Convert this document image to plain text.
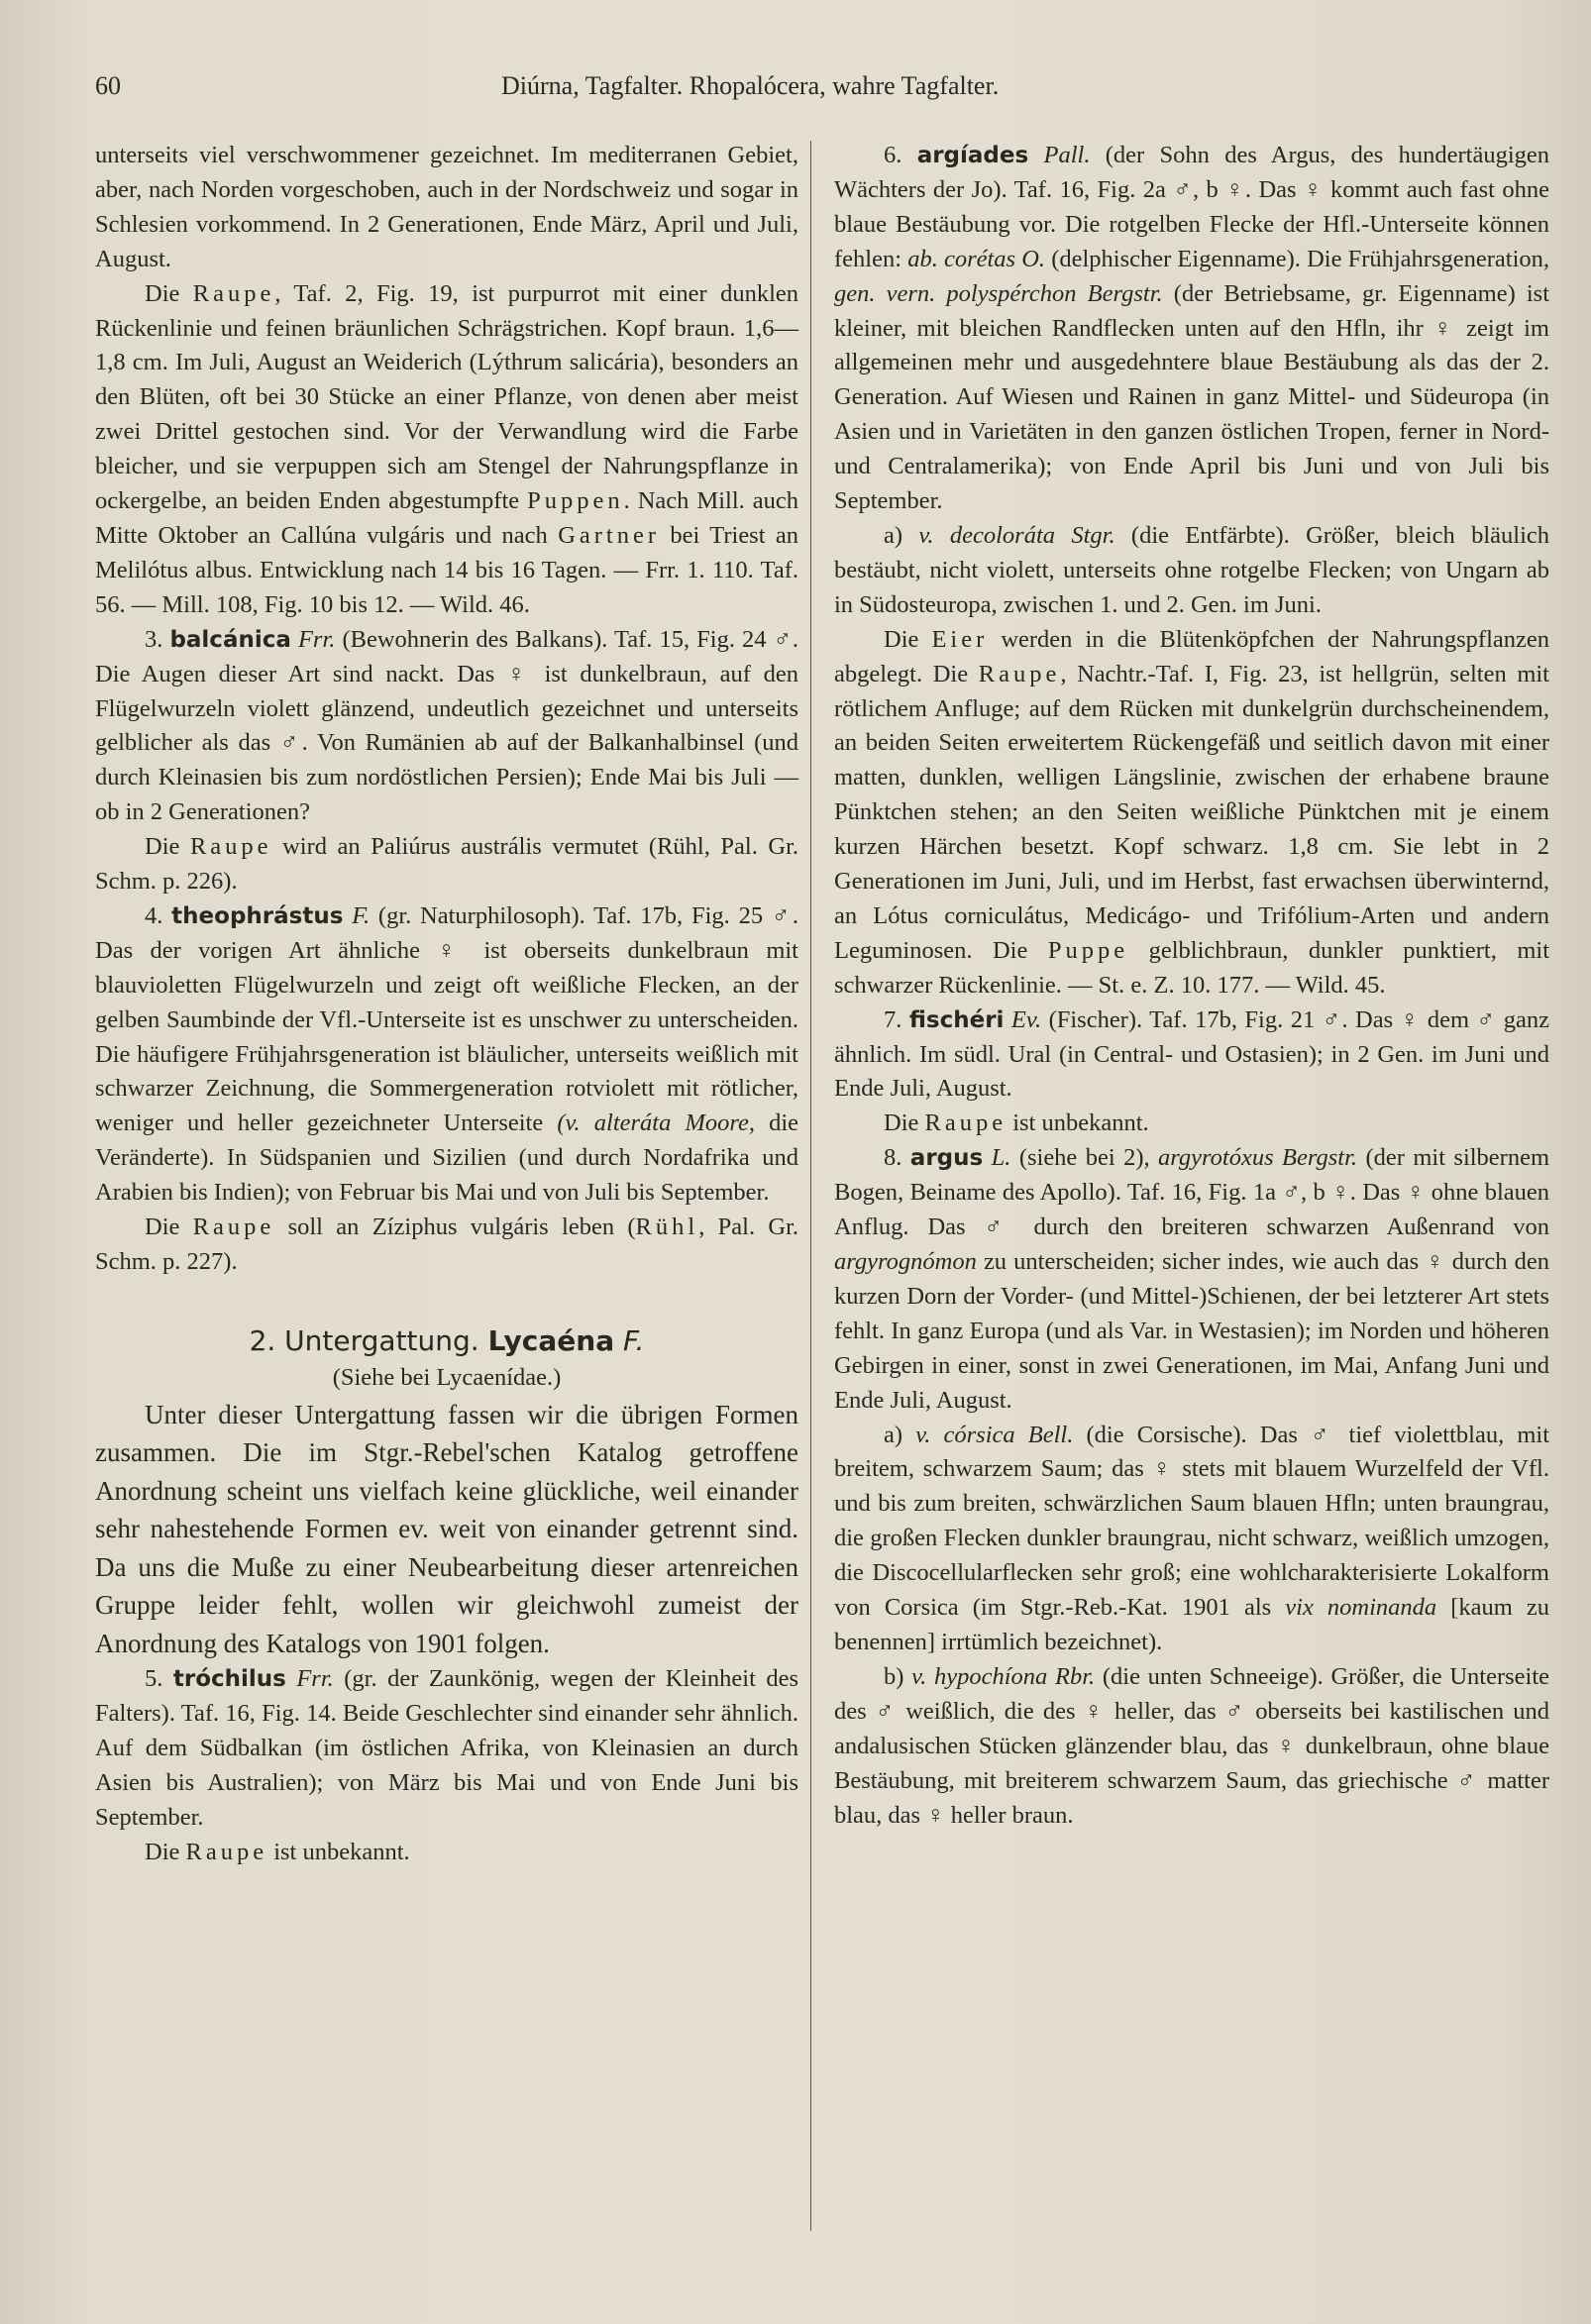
60	Diúrna, Tagfalter. Rhopalócera, wahre Tagfalter.

unterseits viel verschwommener gezeichnet. Im mediterranen Gebiet, aber, nach Norden vorgeschoben, auch in der Nordschweiz und sogar in Schlesien vorkommend. In 2 Generationen, Ende März, April und Juli, August.

Die Raupe, Taf. 2, Fig. 19, ist purpurrot mit einer dunklen Rückenlinie und feinen bräunlichen Schrägstrichen. Kopf braun. 1,6—1,8 cm. Im Juli, August an Weiderich (Lýthrum salicária), besonders an den Blüten, oft bei 30 Stücke an einer Pflanze, von denen aber meist zwei Drittel gestochen sind. Vor der Verwandlung wird die Farbe bleicher, und sie verpuppen sich am Stengel der Nahrungspflanze in ockergelbe, an beiden Enden abgestumpfte Puppen. Nach Mill. auch Mitte Oktober an Callúna vulgáris und nach Gartner bei Triest an Melilótus albus. Entwicklung nach 14 bis 16 Tagen. — Frr. 1. 110. Taf. 56. — Mill. 108, Fig. 10 bis 12. — Wild. 46.

3. balcánica Frr. (Bewohnerin des Balkans). Taf. 15, Fig. 24 ♂. Die Augen dieser Art sind nackt. Das ♀ ist dunkelbraun, auf den Flügelwurzeln violett glänzend, undeutlich gezeichnet und unterseits gelblicher als das ♂. Von Rumänien ab auf der Balkanhalbinsel (und durch Kleinasien bis zum nordöstlichen Persien); Ende Mai bis Juli — ob in 2 Generationen?

Die Raupe wird an Paliúrus austrális vermutet (Rühl, Pal. Gr. Schm. p. 226).

4. theophrástus F. (gr. Naturphilosoph). Taf. 17b, Fig. 25 ♂. Das der vorigen Art ähnliche ♀ ist oberseits dunkelbraun mit blauvioletten Flügelwurzeln und zeigt oft weißliche Flecken, an der gelben Saumbinde der Vfl.-Unterseite ist es unschwer zu unterscheiden. Die häufigere Frühjahrsgeneration ist bläulicher, unterseits weißlich mit schwarzer Zeichnung, die Sommergeneration rotviolett mit rötlicher, weniger und heller gezeichneter Unterseite (v. alteráta Moore, die Veränderte). In Südspanien und Sizilien (und durch Nordafrika und Arabien bis Indien); von Februar bis Mai und von Juli bis September.

Die Raupe soll an Zíziphus vulgáris leben (Rühl, Pal. Gr. Schm. p. 227).

2. Untergattung. Lycaéna F.

(Siehe bei Lycaenídae.)

Unter dieser Untergattung fassen wir die übrigen Formen zusammen. Die im Stgr.-Rebel'schen Katalog getroffene Anordnung scheint uns vielfach keine glückliche, weil einander sehr nahestehende Formen ev. weit von einander getrennt sind. Da uns die Muße zu einer Neubearbeitung dieser artenreichen Gruppe leider fehlt, wollen wir gleichwohl zumeist der Anordnung des Katalogs von 1901 folgen.

5. tróchilus Frr. (gr. der Zaunkönig, wegen der Kleinheit des Falters). Taf. 16, Fig. 14. Beide Geschlechter sind einander sehr ähnlich. Auf dem Südbalkan (im östlichen Afrika, von Kleinasien an durch Asien bis Australien); von März bis Mai und von Ende Juni bis September.

Die Raupe ist unbekannt.

6. argíades Pall. (der Sohn des Argus, des hundertäugigen Wächters der Jo). Taf. 16, Fig. 2a ♂, b ♀. Das ♀ kommt auch fast ohne blaue Bestäubung vor. Die rotgelben Flecke der Hfl.-Unterseite können fehlen: ab. corétas O. (delphischer Eigenname). Die Frühjahrsgeneration, gen. vern. polyspérchon Bergstr. (der Betriebsame, gr. Eigenname) ist kleiner, mit bleichen Randflecken unten auf den Hfln, ihr ♀ zeigt im allgemeinen mehr und ausgedehntere blaue Bestäubung als das der 2. Generation. Auf Wiesen und Rainen in ganz Mittel- und Südeuropa (in Asien und in Varietäten in den ganzen östlichen Tropen, ferner in Nord- und Centralamerika); von Ende April bis Juni und von Juli bis September.

a) v. decoloráta Stgr. (die Entfärbte). Größer, bleich bläulich bestäubt, nicht violett, unterseits ohne rotgelbe Flecken; von Ungarn ab in Südosteuropa, zwischen 1. und 2. Gen. im Juni.

Die Eier werden in die Blütenköpfchen der Nahrungspflanzen abgelegt. Die Raupe, Nachtr.-Taf. I, Fig. 23, ist hellgrün, selten mit rötlichem Anfluge; auf dem Rücken mit dunkelgrün durchscheinendem, an beiden Seiten erweitertem Rückengefäß und seitlich davon mit einer matten, dunklen, welligen Längslinie, zwischen der erhabene braune Pünktchen stehen; an den Seiten weißliche Pünktchen mit je einem kurzen Härchen besetzt. Kopf schwarz. 1,8 cm. Sie lebt in 2 Generationen im Juni, Juli, und im Herbst, fast erwachsen überwinternd, an Lótus corniculátus, Medicágo- und Trifólium-Arten und andern Leguminosen. Die Puppe gelblichbraun, dunkler punktiert, mit schwarzer Rückenlinie. — St. e. Z. 10. 177. — Wild. 45.

7. fischéri Ev. (Fischer). Taf. 17b, Fig. 21 ♂. Das ♀ dem ♂ ganz ähnlich. Im südl. Ural (in Central- und Ostasien); in 2 Gen. im Juni und Ende Juli, August.

Die Raupe ist unbekannt.

8. argus L. (siehe bei 2), argyrotóxus Bergstr. (der mit silbernem Bogen, Beiname des Apollo). Taf. 16, Fig. 1a ♂, b ♀. Das ♀ ohne blauen Anflug. Das ♂ durch den breiteren schwarzen Außenrand von argyrognómon zu unterscheiden; sicher indes, wie auch das ♀ durch den kurzen Dorn der Vorder- (und Mittel-)Schienen, der bei letzterer Art stets fehlt. In ganz Europa (und als Var. in Westasien); im Norden und höheren Gebirgen in einer, sonst in zwei Generationen, im Mai, Anfang Juni und Ende Juli, August.

a) v. córsica Bell. (die Corsische). Das ♂ tief violettblau, mit breitem, schwarzem Saum; das ♀ stets mit blauem Wurzelfeld der Vfl. und bis zum breiten, schwärzlichen Saum blauen Hfln; unten braungrau, die großen Flecken dunkler braungrau, nicht schwarz, weißlich umzogen, die Discocellularflecken sehr groß; eine wohlcharakterisierte Lokalform von Corsica (im Stgr.-Reb.-Kat. 1901 als vix nominanda [kaum zu benennen] irrtümlich bezeichnet).

b) v. hypochíona Rbr. (die unten Schneeige). Größer, die Unterseite des ♂ weißlich, die des ♀ heller, das ♂ oberseits bei kastilischen und andalusischen Stücken glänzender blau, das ♀ dunkelbraun, ohne blaue Bestäubung, mit breiterem schwarzem Saum, das griechische ♂ matter blau, das ♀ heller braun.
